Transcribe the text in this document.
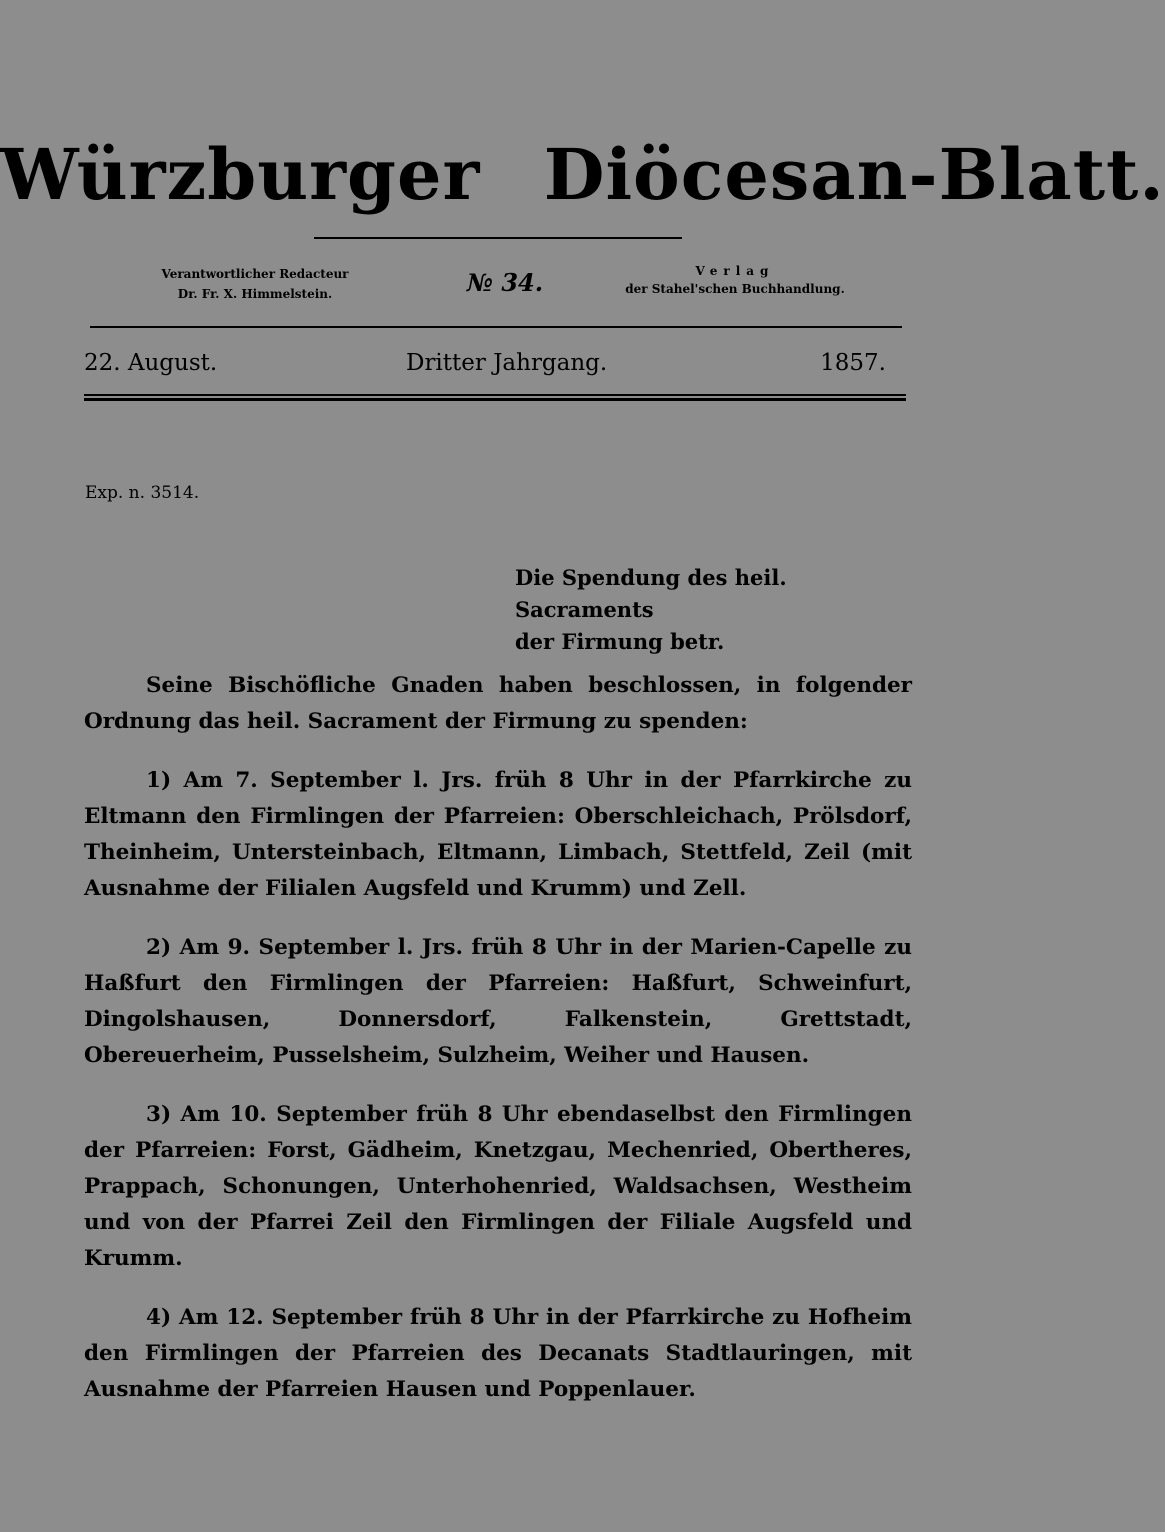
Würzburger Diöcesan-Blatt.
Verantwortlicher Redacteur
Dr. Fr. X. Himmelstein.	№ 34.	Verlag
der Stahel'schen Buchhandlung.
22. August.	Dritter Jahrgang.	1857.
Exp. n. 3514.
Die Spendung des heil. Sacraments
der Firmung betr.

Seine Bischöfliche Gnaden haben beschlossen, in folgender Ordnung das heil. Sacrament der Firmung zu spenden:

1) Am 7. September l. Jrs. früh 8 Uhr in der Pfarrkirche zu Eltmann den Firmlingen der Pfarreien: Oberschleichach, Prölsdorf, Theinheim, Untersteinbach, Eltmann, Limbach, Stettfeld, Zeil (mit Ausnahme der Filialen Augsfeld und Krumm) und Zell.

2) Am 9. September l. Jrs. früh 8 Uhr in der Marien-Capelle zu Haßfurt den Firmlingen der Pfarreien: Haßfurt, Schweinfurt, Dingolshausen, Donnersdorf, Falkenstein, Grettstadt, Obereuerheim, Pusselsheim, Sulzheim, Weiher und Hausen.

3) Am 10. September früh 8 Uhr ebendaselbst den Firmlingen der Pfarreien: Forst, Gädheim, Knetzgau, Mechenried, Obertheres, Prappach, Schonungen, Unterhohenried, Waldsachsen, Westheim und von der Pfarrei Zeil den Firmlingen der Filiale Augsfeld und Krumm.

4) Am 12. September früh 8 Uhr in der Pfarrkirche zu Hofheim den Firmlingen der Pfarreien des Decanats Stadtlauringen, mit Ausnahme der Pfarreien Hausen und Poppenlauer.
